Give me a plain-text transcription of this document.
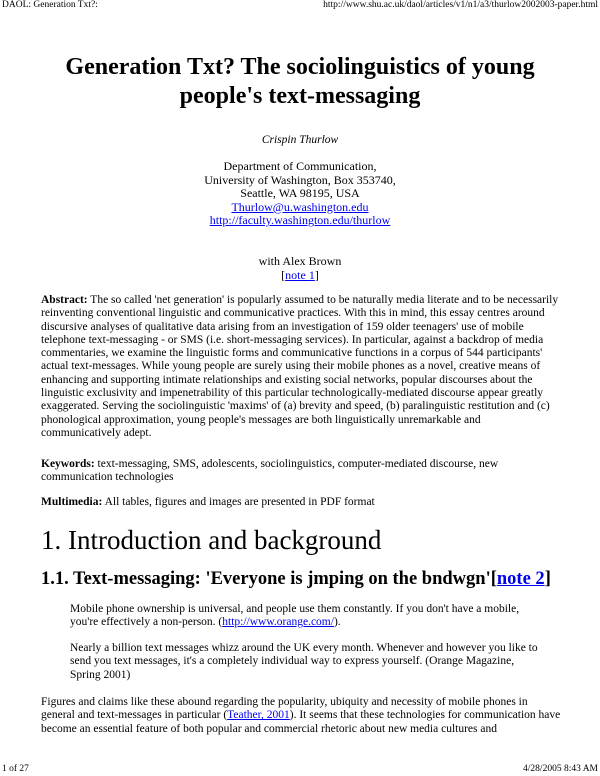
DAOL: Generation Txt?:	http://www.shu.ac.uk/daol/articles/v1/n1/a3/thurlow2002003-paper.html
Generation Txt? The sociolinguistics of young people's text-messaging
Crispin Thurlow
Department of Communication,
University of Washington, Box 353740,
Seattle, WA 98195, USA
Thurlow@u.washington.edu
http://faculty.washington.edu/thurlow
with Alex Brown
[note 1]
Abstract: The so called 'net generation' is popularly assumed to be naturally media literate and to be necessarily reinventing conventional linguistic and communicative practices. With this in mind, this essay centres around discursive analyses of qualitative data arising from an investigation of 159 older teenagers' use of mobile telephone text-messaging - or SMS (i.e. short-messaging services). In particular, against a backdrop of media commentaries, we examine the linguistic forms and communicative functions in a corpus of 544 participants' actual text-messages. While young people are surely using their mobile phones as a novel, creative means of enhancing and supporting intimate relationships and existing social networks, popular discourses about the linguistic exclusivity and impenetrability of this particular technologically-mediated discourse appear greatly exaggerated. Serving the sociolinguistic 'maxims' of (a) brevity and speed, (b) paralinguistic restitution and (c) phonological approximation, young people's messages are both linguistically unremarkable and communicatively adept.
Keywords: text-messaging, SMS, adolescents, sociolinguistics, computer-mediated discourse, new communication technologies
Multimedia: All tables, figures and images are presented in PDF format
1. Introduction and background
1.1. Text-messaging: 'Everyone is jmping on the bndwgn'[note 2]
Mobile phone ownership is universal, and people use them constantly. If you don't have a mobile, you're effectively a non-person. (http://www.orange.com/).
Nearly a billion text messages whizz around the UK every month. Whenever and however you like to send you text messages, it's a completely individual way to express yourself. (Orange Magazine, Spring 2001)
Figures and claims like these abound regarding the popularity, ubiquity and necessity of mobile phones in general and text-messages in particular (Teather, 2001). It seems that these technologies for communication have become an essential feature of both popular and commercial rhetoric about new media cultures and
1 of 27	4/28/2005 8:43 AM
